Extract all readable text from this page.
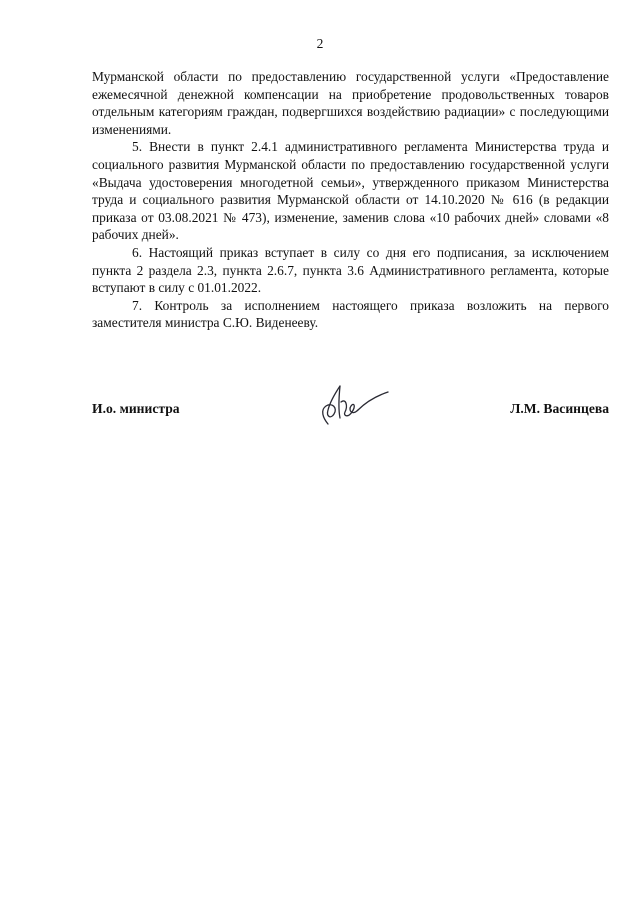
2

Мурманской области по предоставлению государственной услуги «Предоставление ежемесячной денежной компенсации на приобретение продовольственных товаров отдельным категориям граждан, подвергшихся воздействию радиации» с последующими изменениями.

5. Внести в пункт 2.4.1 административного регламента Министерства труда и социального развития Мурманской области по предоставлению государственной услуги «Выдача удостоверения многодетной семьи», утвержденного приказом Министерства труда и социального развития Мурманской области от 14.10.2020 № 616 (в редакции приказа от 03.08.2021 № 473), изменение, заменив слова «10 рабочих дней» словами «8 рабочих дней».

6. Настоящий приказ вступает в силу со дня его подписания, за исключением пункта 2 раздела 2.3, пункта 2.6.7, пункта 3.6 Административного регламента, которые вступают в силу с 01.01.2022.

7. Контроль за исполнением настоящего приказа возложить на первого заместителя министра С.Ю. Виденееву.

И.о. министра	Л.М. Васинцева
